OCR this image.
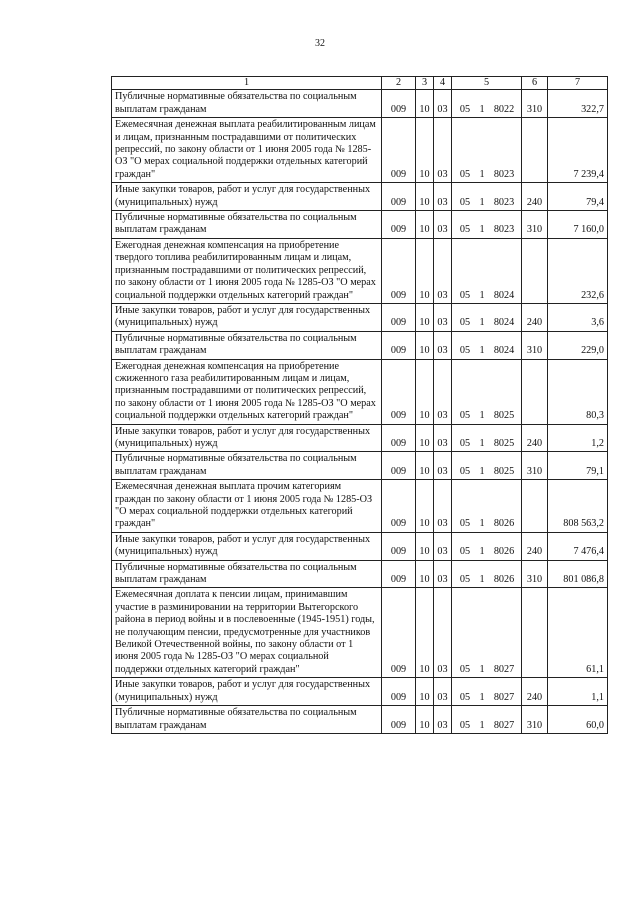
32
1	2	3	4	5	6	7
Публичные нормативные обязательства по социальным выплатам гражданам	009	10	03	05 1 8022	310	322,7
Ежемесячная денежная выплата реабилитированным лицам и лицам, признанным пострадавшими от политических репрессий, по закону области от 1 июня 2005 года № 1285-ОЗ "О мерах социальной поддержки отдельных категорий граждан"	009	10	03	05 1 8023		7 239,4
Иные закупки товаров, работ и услуг для государственных (муниципальных) нужд	009	10	03	05 1 8023	240	79,4
Публичные нормативные обязательства по социальным выплатам гражданам	009	10	03	05 1 8023	310	7 160,0
Ежегодная денежная компенсация на приобретение твердого топлива реабилитированным лицам и лицам, признанным пострадавшими от политических репрессий, по закону области от 1 июня 2005 года № 1285-ОЗ "О мерах социальной поддержки отдельных категорий граждан"	009	10	03	05 1 8024		232,6
Иные закупки товаров, работ и услуг для государственных (муниципальных) нужд	009	10	03	05 1 8024	240	3,6
Публичные нормативные обязательства по социальным выплатам гражданам	009	10	03	05 1 8024	310	229,0
Ежегодная денежная компенсация на приобретение сжиженного газа реабилитированным лицам и лицам, признанным пострадавшими от политических репрессий, по закону области от 1 июня 2005 года № 1285-ОЗ "О мерах социальной поддержки отдельных категорий граждан"	009	10	03	05 1 8025		80,3
Иные закупки товаров, работ и услуг для государственных (муниципальных) нужд	009	10	03	05 1 8025	240	1,2
Публичные нормативные обязательства по социальным выплатам гражданам	009	10	03	05 1 8025	310	79,1
Ежемесячная денежная выплата прочим категориям граждан по закону области от 1 июня 2005 года № 1285-ОЗ "О мерах социальной поддержки отдельных категорий граждан"	009	10	03	05 1 8026		808 563,2
Иные закупки товаров, работ и услуг для государственных (муниципальных) нужд	009	10	03	05 1 8026	240	7 476,4
Публичные нормативные обязательства по социальным выплатам гражданам	009	10	03	05 1 8026	310	801 086,8
Ежемесячная доплата к пенсии лицам, принимавшим участие в разминировании на территории Вытегорского района в период войны и в послевоенные (1945-1951) годы, не получающим пенсии, предусмотренные для участников Великой Отечественной войны, по закону области от 1 июня 2005 года № 1285-ОЗ "О мерах социальной поддержки отдельных категорий граждан"	009	10	03	05 1 8027		61,1
Иные закупки товаров, работ и услуг для государственных (муниципальных) нужд	009	10	03	05 1 8027	240	1,1
Публичные нормативные обязательства по социальным выплатам гражданам	009	10	03	05 1 8027	310	60,0
